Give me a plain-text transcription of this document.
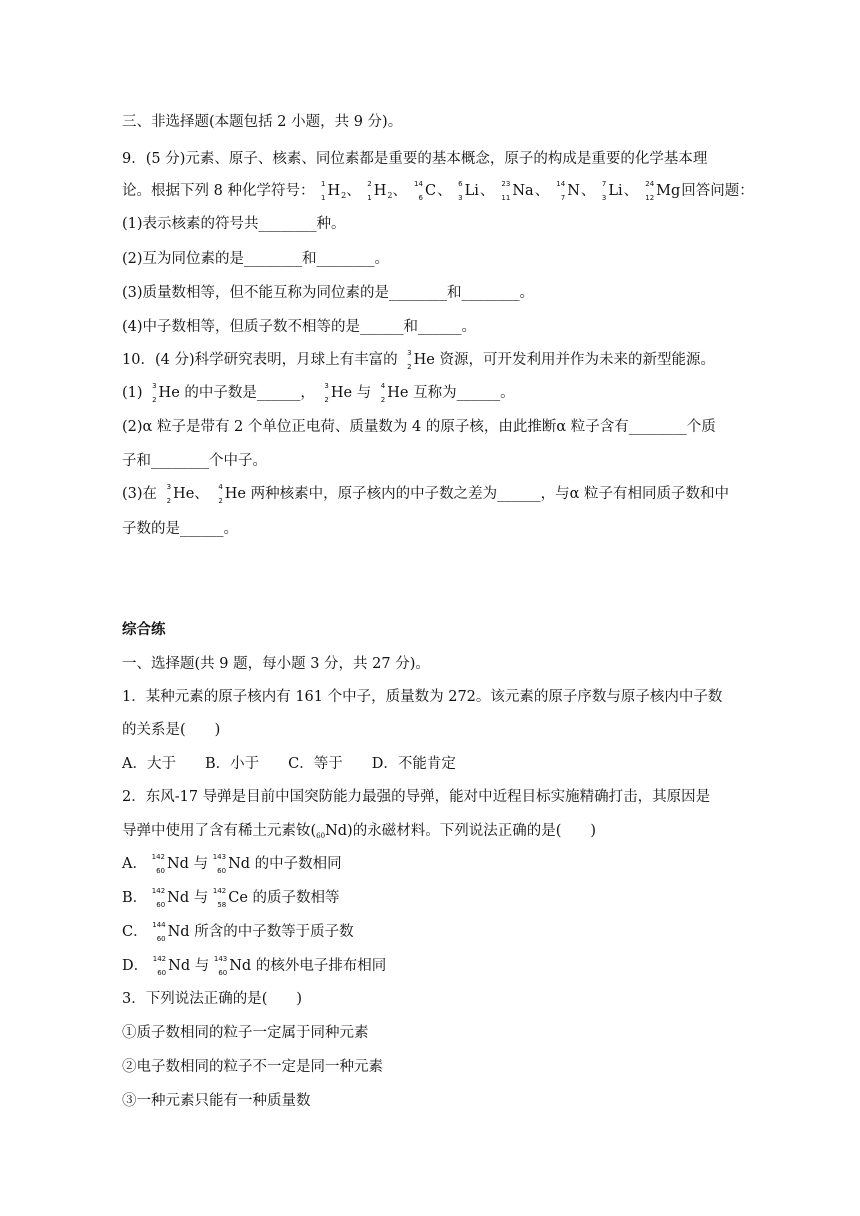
三、非选择题(本题包括 2 小题，共 9 分)。
9．(5 分)元素、原子、核素、同位素都是重要的基本概念，原子的构成是重要的化学基本理
论。根据下列 8 种化学符号： 1
1 $H_2$、 2
1 $H_2$、 14
6 C、 6
3 Li、 23
11 Na、 14
7 N、 7
3 Li、 24
12 Mg回答问题：
(1)表示核素的符号共________种。
(2)互为同位素的是________和________。
(3)质量数相等，但不能互称为同位素的是________和________。
(4)中子数相等，但质子数不相等的是______和______。
10．(4 分)科学研究表明，月球上有丰富的 3
2 He 资源，可开发利用并作为未来的新型能源。
(1) 3
2 He 的中子数是______， 3
2 He 与 4
2 He 互称为______。
(2)α 粒子是带有 2 个单位正电荷、质量数为 4 的原子核，由此推断α 粒子含有________个质
子和________个中子。
(3)在 3
2 He、 4
2 He 两种核素中，原子核内的中子数之差为______，与α 粒子有相同质子数和中
子数的是______。
综合练
一、选择题(共 9 题，每小题 3 分，共 27 分)。
1．某种元素的原子核内有 161 个中子，质量数为 272。该元素的原子序数与原子核内中子数
的关系是(　　)
A．大于　　B．小于　　C．等于　　D．不能肯定
2．东风-17 导弹是目前中国突防能力最强的导弹，能对中近程目标实施精确打击，其原因是
导弹中使用了含有稀土元素钕$(_{60}Nd)$的永磁材料。下列说法正确的是(　　)
A． 142
60 Nd 与 143
60 Nd 的中子数相同
B． 142
60 Nd 与 142
58 Ce 的质子数相等
C． 144
60 Nd 所含的中子数等于质子数
D． 142
60 Nd 与 143
60 Nd 的核外电子排布相同
3．下列说法正确的是(　　)
①质子数相同的粒子一定属于同种元素
②电子数相同的粒子不一定是同一种元素
③一种元素只能有一种质量数
